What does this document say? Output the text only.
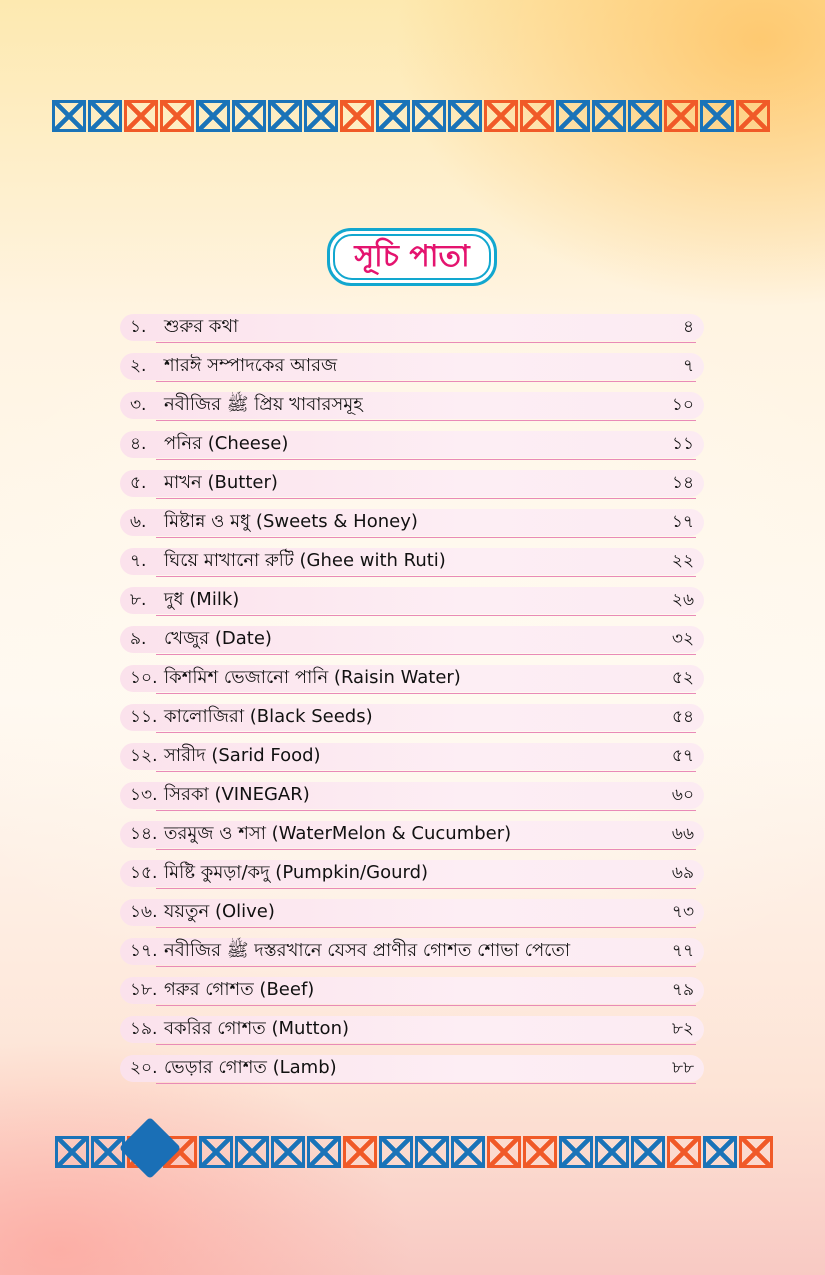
সূচি পাতা
১. শুরুর কথা	৪
২. শারঈ সম্পাদকের আরজ	৭
৩. নবীজির ﷺ প্রিয় খাবারসমূহ	১০
৪. পনির (Cheese)	১১
৫. মাখন (Butter)	১৪
৬. মিষ্টান্ন ও মধু (Sweets & Honey)	১৭
৭. ঘিয়ে মাখানো রুটি (Ghee with Ruti)	২২
৮. দুধ (Milk)	২৬
৯. খেজুর (Date)	৩২
১০. কিশমিশ ভেজানো পানি (Raisin Water)	৫২
১১. কালোজিরা (Black Seeds)	৫৪
১২. সারীদ (Sarid Food)	৫৭
১৩. সিরকা (VINEGAR)	৬০
১৪. তরমুজ ও শসা (WaterMelon & Cucumber)	৬৬
১৫. মিষ্টি কুমড়া/কদু (Pumpkin/Gourd)	৬৯
১৬. যয়তুন (Olive)	৭৩
১৭. নবীজির ﷺ দস্তরখানে যেসব প্রাণীর গোশত শোভা পেতো	৭৭
১৮. গরুর গোশত (Beef)	৭৯
১৯. বকরির গোশত (Mutton)	৮২
২০. ভেড়ার গোশত (Lamb)	৮৮
